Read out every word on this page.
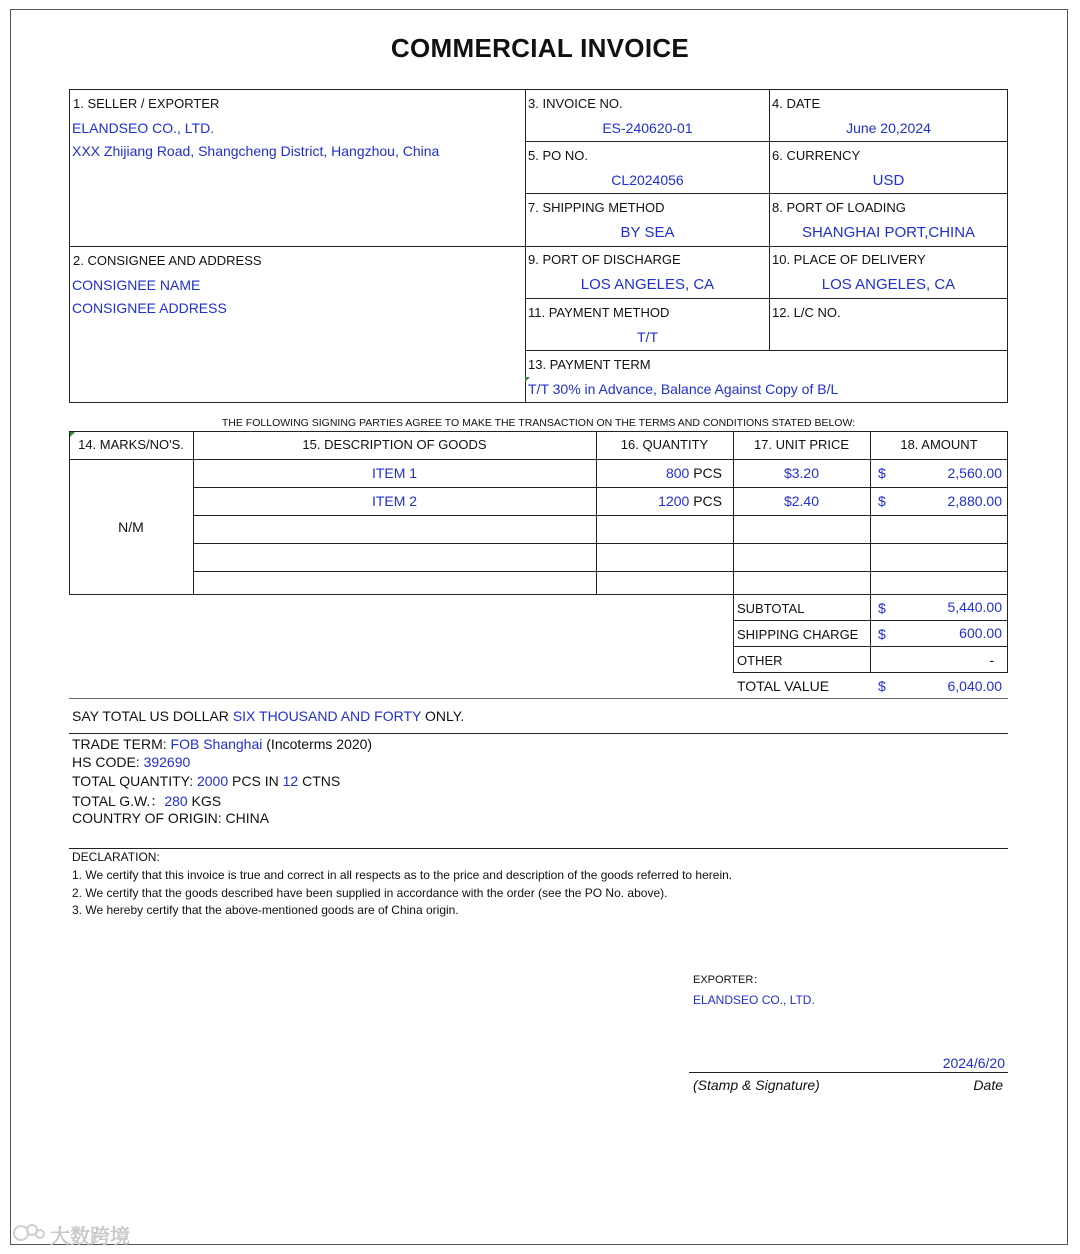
COMMERCIAL INVOICE
1. SELLER / EXPORTER
ELANDSEO CO., LTD.
XXX Zhijiang Road, Shangcheng District, Hangzhou, China
2. CONSIGNEE AND ADDRESS
CONSIGNEE NAME
CONSIGNEE ADDRESS
3. INVOICE NO.
ES-240620-01
4. DATE
June 20,2024
5. PO NO.
CL2024056
6. CURRENCY
USD
7. SHIPPING METHOD
BY SEA
8. PORT OF LOADING
SHANGHAI PORT,CHINA
9. PORT OF DISCHARGE
LOS ANGELES, CA
10. PLACE OF DELIVERY
LOS ANGELES, CA
11. PAYMENT METHOD
T/T
12. L/C NO.
13. PAYMENT TERM
T/T 30% in Advance, Balance Against Copy of B/L
THE FOLLOWING SIGNING PARTIES AGREE TO MAKE THE TRANSACTION ON THE TERMS AND CONDITIONS STATED BELOW:
14. MARKS/NO'S.	15. DESCRIPTION OF GOODS	16. QUANTITY	17. UNIT PRICE	18. AMOUNT
N/M
ITEM 1	800 PCS	$3.20	$	2,560.00
ITEM 2	1200 PCS	$2.40	$	2,880.00
SUBTOTAL	$	5,440.00
SHIPPING CHARGE $	600.00
OTHER	-
TOTAL VALUE	$	6,040.00
SAY TOTAL US DOLLAR SIX THOUSAND AND FORTY ONLY.
TRADE TERM: FOB Shanghai (Incoterms 2020)
HS CODE: 392690
TOTAL QUANTITY: 2000 PCS IN 12 CTNS
TOTAL G.W.：280 KGS
COUNTRY OF ORIGIN: CHINA
DECLARATION:
1. We certify that this invoice is true and correct in all respects as to the price and description of the goods referred to herein.
2. We certify that the goods described have been supplied in accordance with the order (see the PO No. above).
3. We hereby certify that the above-mentioned goods are of China origin.
EXPORTER：
ELANDSEO CO., LTD.
2024/6/20
(Stamp & Signature)	Date
大数跨境
